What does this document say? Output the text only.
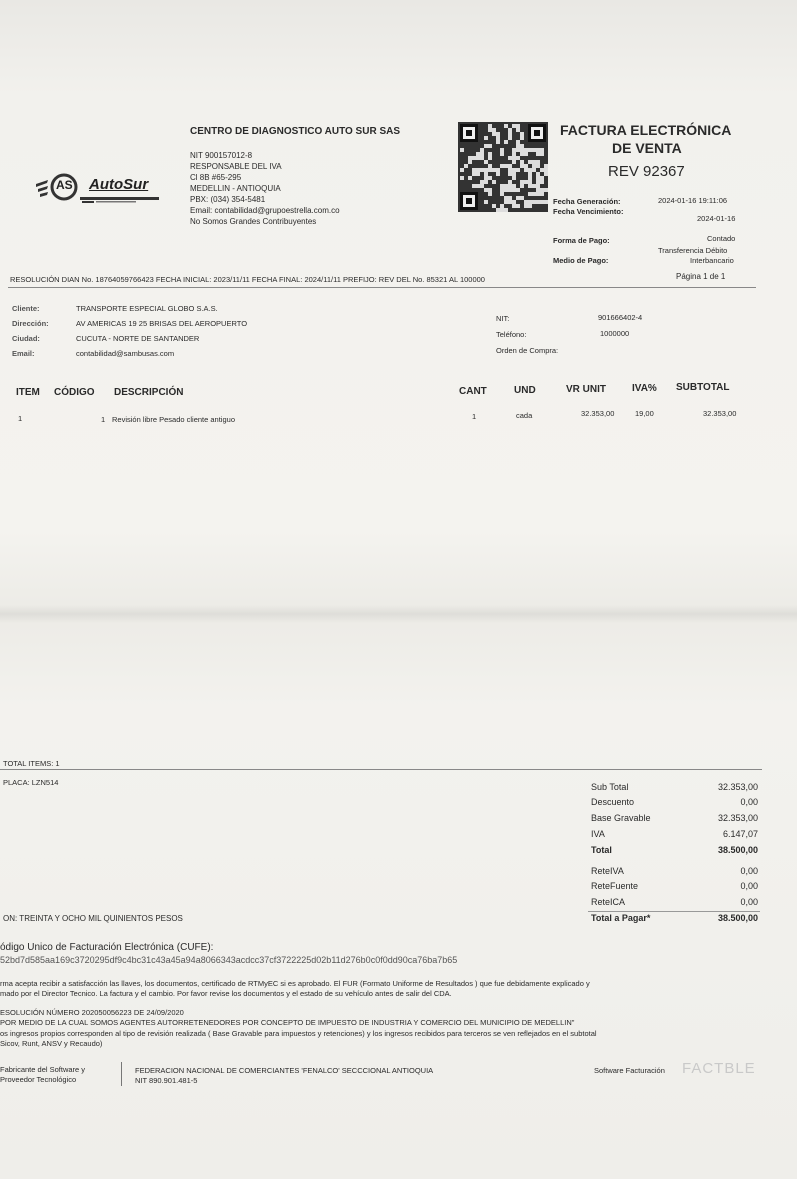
AS AutoSur
CENTRO DE DIAGNOSTICO AUTO SUR SAS
NIT 900157012-8
RESPONSABLE DEL IVA
Cl 8B #65-295
MEDELLIN - ANTIOQUIA
PBX: (034) 354-5481
Email: contabilidad@grupoestrella.com.co
No Somos Grandes Contribuyentes
FACTURA ELECTRÓNICA
DE VENTA
REV 92367
Fecha Generación:	2024-01-16 19:11:06
Fecha Vencimiento:
2024-01-16
Forma de Pago:	Contado
Transferencia Débito
Medio de Pago:	Interbancario
RESOLUCIÓN DIAN No. 18764059766423 FECHA INICIAL: 2023/11/11 FECHA FINAL: 2024/11/11 PREFIJO: REV DEL No. 85321 AL 100000	Página 1 de 1
Cliente:	TRANSPORTE ESPECIAL GLOBO S.A.S.
Dirección:	AV AMERICAS 19 25 BRISAS DEL AEROPUERTO
Ciudad:	CUCUTA - NORTE DE SANTANDER
Email:	contabilidad@sambusas.com
NIT:	901666402-4
Teléfono:	1000000
Orden de Compra:
ITEM CÓDIGO DESCRIPCIÓN	CANT	UND	VR UNIT	IVA% SUBTOTAL
1	1 Revisión libre Pesado cliente antiguo	1	cada	32.353,00	19,00	32.353,00
TOTAL ITEMS: 1
PLACA: LZN514	Sub Total	32.353,00
Descuento	0,00
Base Gravable	32.353,00
IVA	6.147,07
Total	38.500,00
ReteIVA	0,00
ReteFuente	0,00
ReteICA	0,00
Total a Pagar*	38.500,00
ON: TREINTA Y OCHO MIL QUINIENTOS PESOS
ódigo Unico de Facturación Electrónica (CUFE):
52bd7d585aa169c3720295df9c4bc31c43a45a94a8066343acdcc37cf3722225d02b11d276b0c0f0dd90ca76ba7b65
rma acepta recibir a satisfacción las llaves, los documentos, certificado de RTMyEC si es aprobado. El FUR (Formato Uniforme de Resultados ) que fue debidamente explicado y
mado por el Director Tecnico. La factura y el cambio. Por favor revise los documentos y el estado de su vehículo antes de salir del CDA.
ESOLUCIÓN NÚMERO 202050056223 DE 24/09/2020
POR MEDIO DE LA CUAL SOMOS AGENTES AUTORRETENEDORES POR CONCEPTO DE IMPUESTO DE INDUSTRIA Y COMERCIO DEL MUNICIPIO DE MEDELLIN"
os ingresos propios corresponden al tipo de revisión realizada ( Base Gravable para impuestos y retenciones) y los ingresos recibidos para terceros se ven reflejados en el subtotal
Sicov, Runt, ANSV y Recaudo)
Fabricante del Software y
Proveedor Tecnológico
FEDERACION NACIONAL DE COMERCIANTES 'FENALCO' SECCCIONAL ANTIOQUIA
NIT 890.901.481-5
Software Facturación FACTBLE
